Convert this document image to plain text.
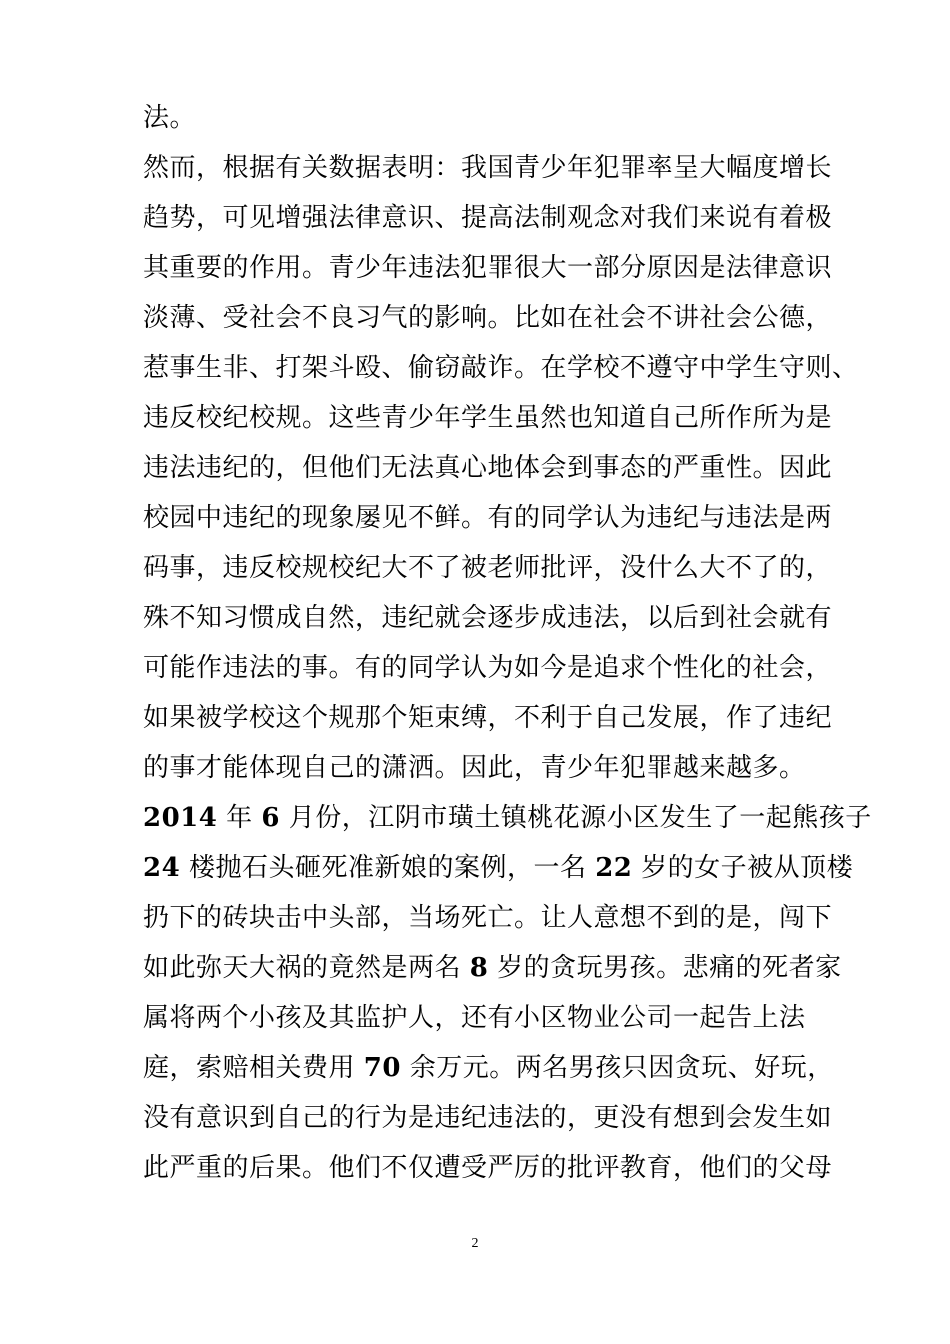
法。
然而，根据有关数据表明：我国青少年犯罪率呈大幅度增长
趋势，可见增强法律意识、提高法制观念对我们来说有着极
其重要的作用。青少年违法犯罪很大一部分原因是法律意识
淡薄、受社会不良习气的影响。比如在社会不讲社会公德，
惹事生非、打架斗殴、偷窃敲诈。在学校不遵守中学生守则、
违反校纪校规。这些青少年学生虽然也知道自己所作所为是
违法违纪的，但他们无法真心地体会到事态的严重性。因此
校园中违纪的现象屡见不鲜。有的同学认为违纪与违法是两
码事，违反校规校纪大不了被老师批评，没什么大不了的，
殊不知习惯成自然，违纪就会逐步成违法，以后到社会就有
可能作违法的事。有的同学认为如今是追求个性化的社会，
如果被学校这个规那个矩束缚，不利于自己发展，作了违纪
的事才能体现自己的潇洒。因此，青少年犯罪越来越多。
2014 年 6 月份，江阴市璜土镇桃花源小区发生了一起熊孩子
24 楼抛石头砸死准新娘的案例，一名 22 岁的女子被从顶楼
扔下的砖块击中头部，当场死亡。让人意想不到的是，闯下
如此弥天大祸的竟然是两名 8 岁的贪玩男孩。悲痛的死者家
属将两个小孩及其监护人，还有小区物业公司一起告上法
庭，索赔相关费用 70 余万元。两名男孩只因贪玩、好玩，
没有意识到自己的行为是违纪违法的，更没有想到会发生如
此严重的后果。他们不仅遭受严厉的批评教育，他们的父母
2
